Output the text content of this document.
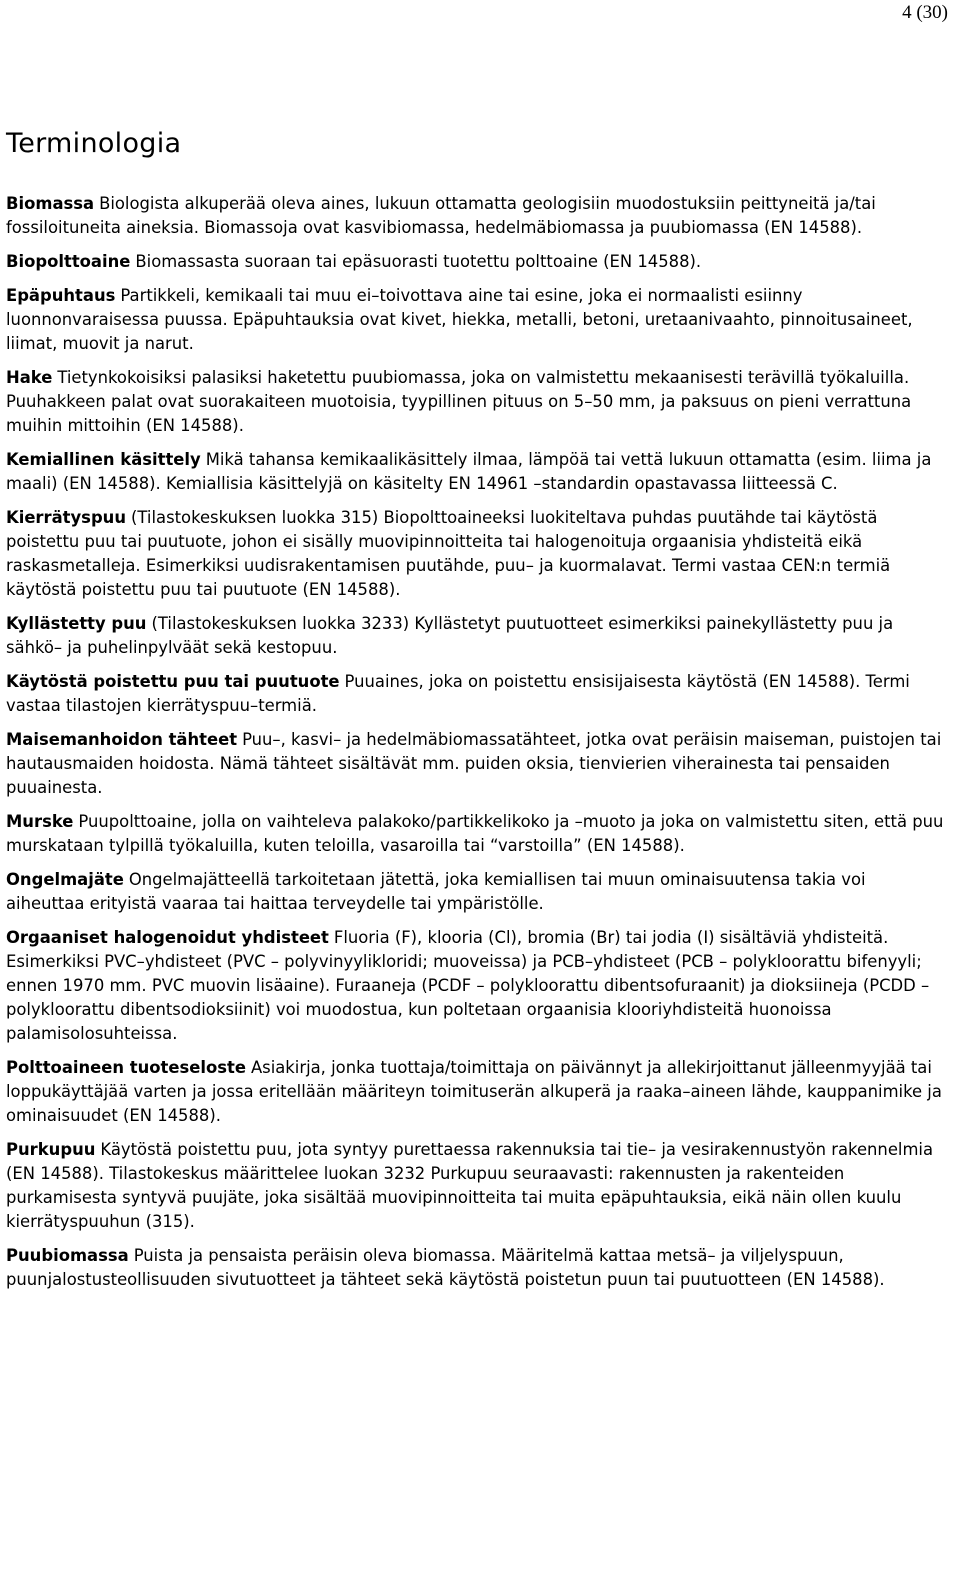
4 (30)
Terminologia

Biomassa Biologista alkuperää oleva aines, lukuun ottamatta geologisiin muodostuksiin peittyneitä ja/tai fossiloituneita aineksia. Biomassoja ovat kasvibiomassa, hedelmäbiomassa ja puubiomassa (EN 14588).

Biopolttoaine Biomassasta suoraan tai epäsuorasti tuotettu polttoaine (EN 14588).

Epäpuhtaus Partikkeli, kemikaali tai muu ei–toivottava aine tai esine, joka ei normaalisti esiinny luonnonvaraisessa puussa. Epäpuhtauksia ovat kivet, hiekka, metalli, betoni, uretaanivaahto, pinnoitusaineet, liimat, muovit ja narut.

Hake Tietynkokoisiksi palasiksi haketettu puubiomassa, joka on valmistettu mekaanisesti terävillä työkaluilla. Puuhakkeen palat ovat suorakaiteen muotoisia, tyypillinen pituus on 5–50 mm, ja paksuus on pieni verrattuna muihin mittoihin (EN 14588).

Kemiallinen käsittely Mikä tahansa kemikaalikäsittely ilmaa, lämpöä tai vettä lukuun ottamatta (esim. liima ja maali) (EN 14588). Kemiallisia käsittelyjä on käsitelty EN 14961 –standardin opastavassa liitteessä C.

Kierrätyspuu (Tilastokeskuksen luokka 315) Biopolttoaineeksi luokiteltava puhdas puutähde tai käytöstä poistettu puu tai puutuote, johon ei sisälly muovipinnoitteita tai halogenoituja orgaanisia yhdisteitä eikä raskasmetalleja. Esimerkiksi uudisrakentamisen puutähde, puu– ja kuormalavat. Termi vastaa CEN:n termiä käytöstä poistettu puu tai puutuote (EN 14588).

Kyllästetty puu (Tilastokeskuksen luokka 3233) Kyllästetyt puutuotteet esimerkiksi painekyllästetty puu ja sähkö– ja puhelinpylväät sekä kestopuu.

Käytöstä poistettu puu tai puutuote Puuaines, joka on poistettu ensisijaisesta käytöstä (EN 14588). Termi vastaa tilastojen kierrätyspuu–termiä.

Maisemanhoidon tähteet Puu–, kasvi– ja hedelmäbiomassatähteet, jotka ovat peräisin maiseman, puistojen tai hautausmaiden hoidosta. Nämä tähteet sisältävät mm. puiden oksia, tienvierien viherainesta tai pensaiden puuainesta.

Murske Puupolttoaine, jolla on vaihteleva palakoko/partikkelikoko ja –muoto ja joka on valmistettu siten, että puu murskataan tylpillä työkaluilla, kuten teloilla, vasaroilla tai “varstoilla” (EN 14588).

Ongelmajäte Ongelmajätteellä tarkoitetaan jätettä, joka kemiallisen tai muun ominaisuutensa takia voi aiheuttaa erityistä vaaraa tai haittaa terveydelle tai ympäristölle.

Orgaaniset halogenoidut yhdisteet Fluoria (F), klooria (Cl), bromia (Br) tai jodia (I) sisältäviä yhdisteitä. Esimerkiksi PVC–yhdisteet (PVC – polyvinyylikloridi; muoveissa) ja PCB–yhdisteet (PCB – polykloorattu bifenyyli; ennen 1970 mm. PVC muovin lisäaine). Furaaneja (PCDF – polykloorattu dibentsofuraanit) ja dioksiineja (PCDD – polykloorattu dibentsodioksiinit) voi muodostua, kun poltetaan orgaanisia klooriyhdisteitä huonoissa palamisolosuhteissa.

Polttoaineen tuoteseloste Asiakirja, jonka tuottaja/toimittaja on päivännyt ja allekirjoittanut jälleenmyyjää tai loppukäyttäjää varten ja jossa eritellään määriteyn toimituserän alkuperä ja raaka–aineen lähde, kauppanimike ja ominaisuudet (EN 14588).

Purkupuu Käytöstä poistettu puu, jota syntyy purettaessa rakennuksia tai tie– ja vesirakennustyön rakennelmia (EN 14588). Tilastokeskus määrittelee luokan 3232 Purkupuu seuraavasti: rakennusten ja rakenteiden purkamisesta syntyvä puujäte, joka sisältää muovipinnoitteita tai muita epäpuhtauksia, eikä näin ollen kuulu kierrätyspuuhun (315).

Puubiomassa Puista ja pensaista peräisin oleva biomassa. Määritelmä kattaa metsä– ja viljelyspuun, puunjalostusteollisuuden sivutuotteet ja tähteet sekä käytöstä poistetun puun tai puutuotteen (EN 14588).
